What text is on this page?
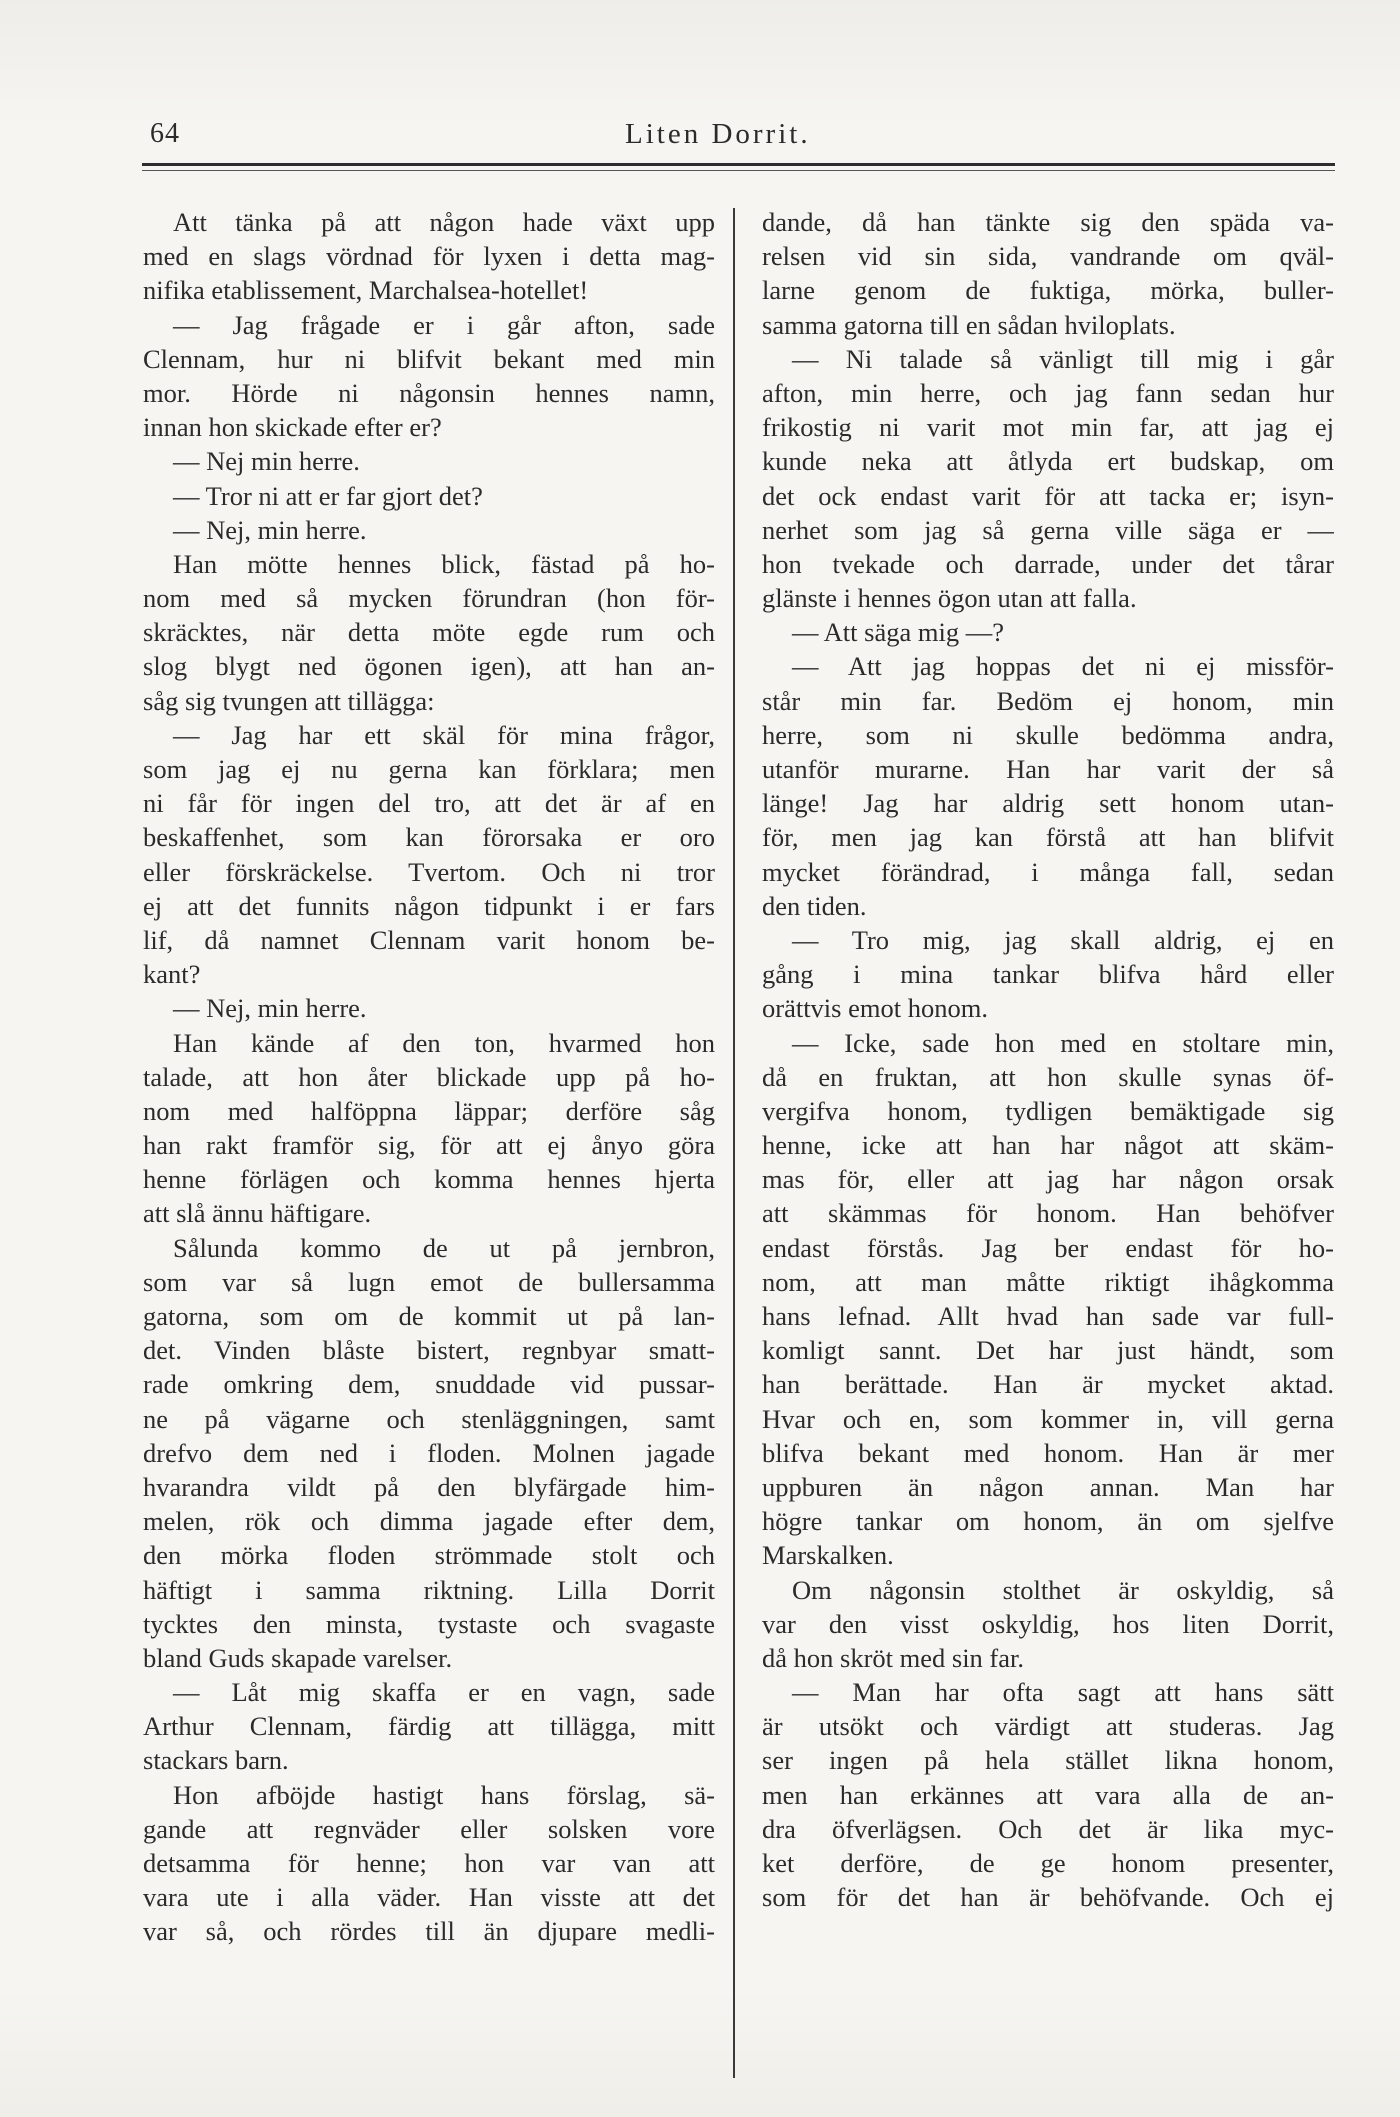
64	Liten Dorrit.
Att tänka på att någon hade växt upp
med en slags vördnad för lyxen i detta mag-
nifika etablissement, Marchalsea-hotellet!
— Jag frågade er i går afton, sade
Clennam, hur ni blifvit bekant med min
mor. Hörde ni någonsin hennes namn,
innan hon skickade efter er?
— Nej min herre.
— Tror ni att er far gjort det?
— Nej, min herre.
Han mötte hennes blick, fästad på ho-
nom med så mycken förundran (hon för-
skräcktes, när detta möte egde rum och
slog blygt ned ögonen igen), att han an-
såg sig tvungen att tillägga:
— Jag har ett skäl för mina frågor,
som jag ej nu gerna kan förklara; men
ni får för ingen del tro, att det är af en
beskaffenhet, som kan förorsaka er oro
eller förskräckelse. Tvertom. Och ni tror
ej att det funnits någon tidpunkt i er fars
lif, då namnet Clennam varit honom be-
kant?
— Nej, min herre.
Han kände af den ton, hvarmed hon
talade, att hon åter blickade upp på ho-
nom med halföppna läppar; derföre såg
han rakt framför sig, för att ej ånyo göra
henne förlägen och komma hennes hjerta
att slå ännu häftigare.
Sålunda kommo de ut på jernbron,
som var så lugn emot de bullersamma
gatorna, som om de kommit ut på lan-
det. Vinden blåste bistert, regnbyar smatt-
rade omkring dem, snuddade vid pussar-
ne på vägarne och stenläggningen, samt
drefvo dem ned i floden. Molnen jagade
hvarandra vildt på den blyfärgade him-
melen, rök och dimma jagade efter dem,
den mörka floden strömmade stolt och
häftigt i samma riktning. Lilla Dorrit
tycktes den minsta, tystaste och svagaste
bland Guds skapade varelser.
— Låt mig skaffa er en vagn, sade
Arthur Clennam, färdig att tillägga, mitt
stackars barn.
Hon afböjde hastigt hans förslag, sä-
gande att regnväder eller solsken vore
detsamma för henne; hon var van att
vara ute i alla väder. Han visste att det
var så, och rördes till än djupare medli-
dande, då han tänkte sig den späda va-
relsen vid sin sida, vandrande om qväl-
larne genom de fuktiga, mörka, buller-
samma gatorna till en sådan hviloplats.
— Ni talade så vänligt till mig i går
afton, min herre, och jag fann sedan hur
frikostig ni varit mot min far, att jag ej
kunde neka att åtlyda ert budskap, om
det ock endast varit för att tacka er; isyn-
nerhet som jag så gerna ville säga er —
hon tvekade och darrade, under det tårar
glänste i hennes ögon utan att falla.
— Att säga mig —?
— Att jag hoppas det ni ej missför-
står min far. Bedöm ej honom, min
herre, som ni skulle bedömma andra,
utanför murarne. Han har varit der så
länge! Jag har aldrig sett honom utan-
för, men jag kan förstå att han blifvit
mycket förändrad, i många fall, sedan
den tiden.
— Tro mig, jag skall aldrig, ej en
gång i mina tankar blifva hård eller
orättvis emot honom.
— Icke, sade hon med en stoltare min,
då en fruktan, att hon skulle synas öf-
vergifva honom, tydligen bemäktigade sig
henne, icke att han har något att skäm-
mas för, eller att jag har någon orsak
att skämmas för honom. Han behöfver
endast förstås. Jag ber endast för ho-
nom, att man måtte riktigt ihågkomma
hans lefnad. Allt hvad han sade var full-
komligt sannt. Det har just händt, som
han berättade. Han är mycket aktad.
Hvar och en, som kommer in, vill gerna
blifva bekant med honom. Han är mer
uppburen än någon annan. Man har
högre tankar om honom, än om sjelfve
Marskalken.
Om någonsin stolthet är oskyldig, så
var den visst oskyldig, hos liten Dorrit,
då hon skröt med sin far.
— Man har ofta sagt att hans sätt
är utsökt och värdigt att studeras. Jag
ser ingen på hela stället likna honom,
men han erkännes att vara alla de an-
dra öfverlägsen. Och det är lika myc-
ket derföre, de ge honom presenter,
som för det han är behöfvande. Och ej
